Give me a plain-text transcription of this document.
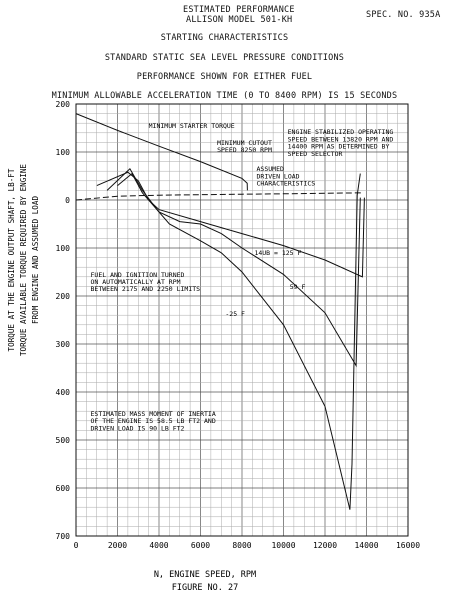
ESTIMATED PERFORMANCE
ALLISON MODEL 501-KH	SPEC. NO. 935A
STARTING CHARACTERISTICS
STANDARD STATIC SEA LEVEL PRESSURE CONDITIONS
PERFORMANCE SHOWN FOR EITHER FUEL
MINIMUM ALLOWABLE ACCELERATION TIME (0 TO 8400 RPM) IS 15 SECONDS
0	2000	4000	6000	8000 10000 12000 14000 16000
200
100
0
100
200
300
400
500
600
700
MINIMUM STARTER TORQUE
MINIMUM CUTOUT
SPEED 8250 RPM
ENGINE STABILIZED OPERATING
SPEED BETWEEN 13820 RPM AND
14400 RPM AS DETERMINED BY
SPEED SELECTOR
ASSUMED
DRIVEN LOAD
CHARACTERISTICS
14UB = 125 F
59 F
-25 F
FUEL AND IGNITION TURNED
ON AUTOMATICALLY AT RPM
BETWEEN 2175 AND 2250 LIMITS
ESTIMATED MASS MOMENT OF INERTIA
OF THE ENGINE IS 58.5 LB FT2 AND
DRIVEN LOAD IS 90 LB FT2
N, ENGINE SPEED, RPM
FIGURE NO. 27
TORQUE AT THE ENGINE OUTPUT SHAFT, LB-FT TORQUE AVAILABLE TORQUE REQUIRED BY ENGINE FROM ENGINE AND ASSUMED LOAD
